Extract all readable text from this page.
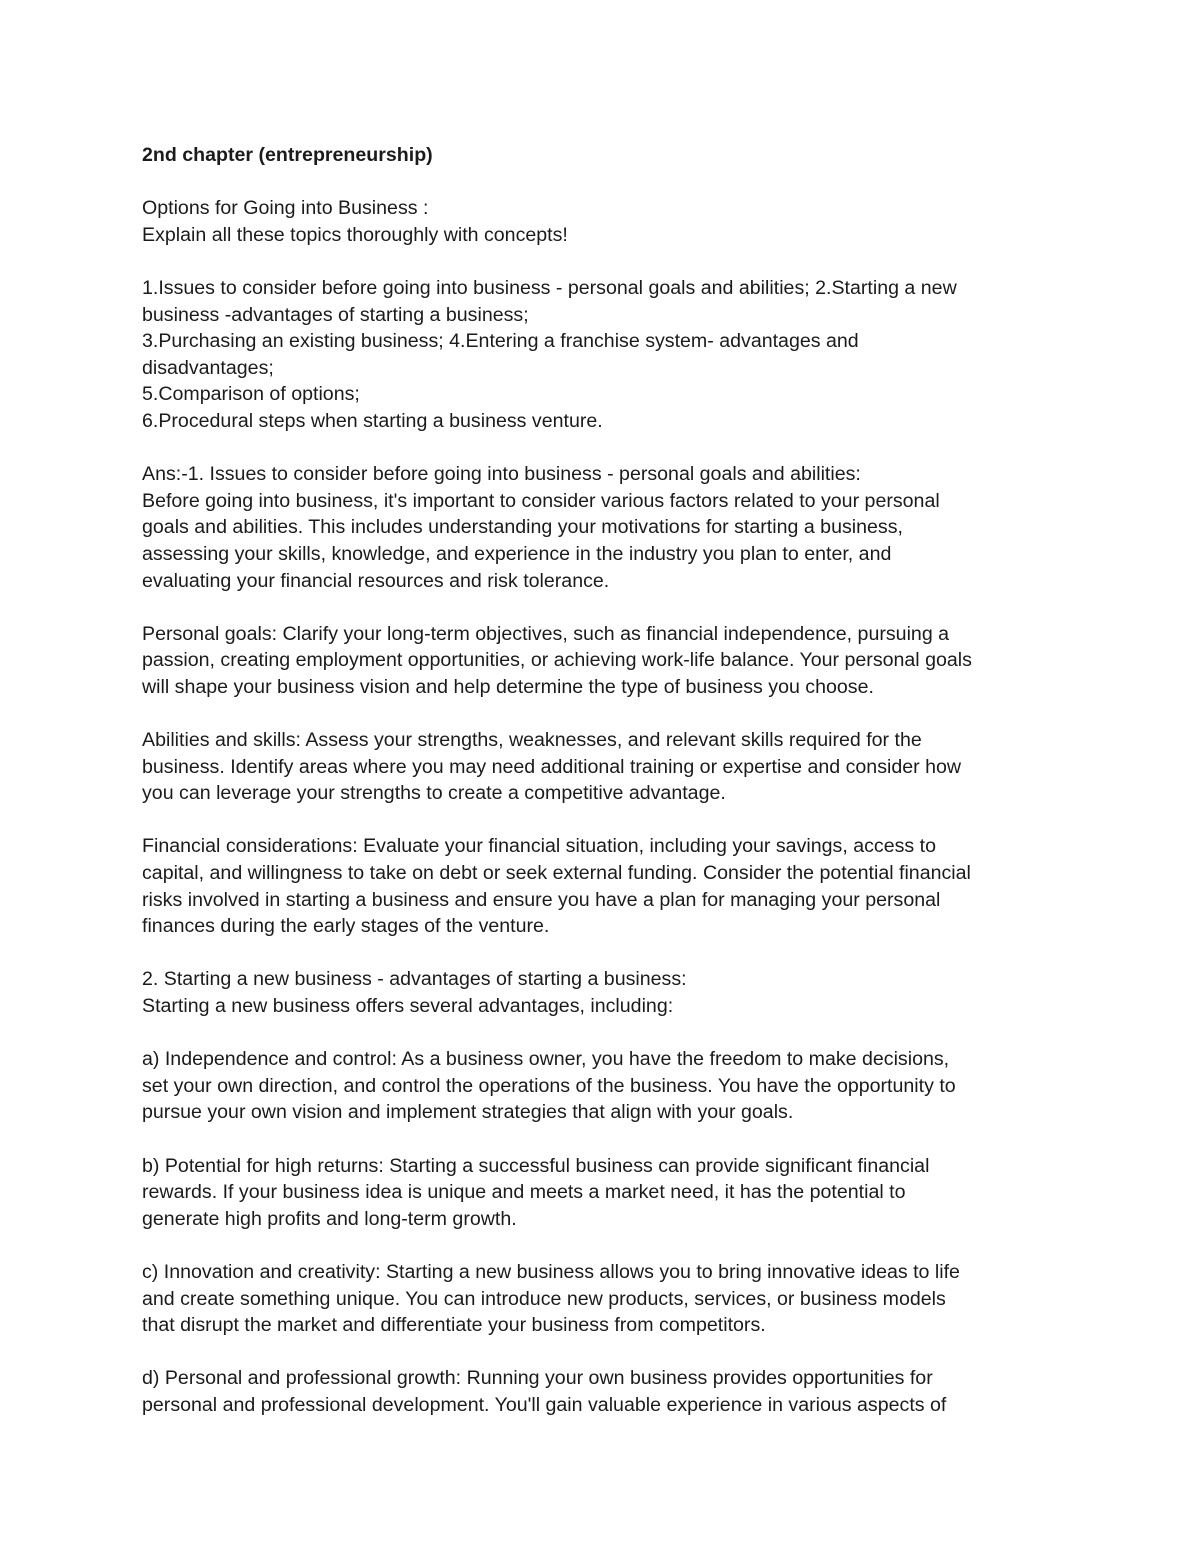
2nd chapter (entrepreneurship)
Options for Going into Business :
Explain all these topics thoroughly with concepts!
1.Issues to consider before going into business - personal goals and abilities; 2.Starting a new
business -advantages of starting a business;
3.Purchasing an existing business; 4.Entering a franchise system- advantages and
disadvantages;
5.Comparison of options;
6.Procedural steps when starting a business venture.
Ans:-1. Issues to consider before going into business - personal goals and abilities:
Before going into business, it's important to consider various factors related to your personal
goals and abilities. This includes understanding your motivations for starting a business,
assessing your skills, knowledge, and experience in the industry you plan to enter, and
evaluating your financial resources and risk tolerance.
Personal goals: Clarify your long-term objectives, such as financial independence, pursuing a
passion, creating employment opportunities, or achieving work-life balance. Your personal goals
will shape your business vision and help determine the type of business you choose.
Abilities and skills: Assess your strengths, weaknesses, and relevant skills required for the
business. Identify areas where you may need additional training or expertise and consider how
you can leverage your strengths to create a competitive advantage.
Financial considerations: Evaluate your financial situation, including your savings, access to
capital, and willingness to take on debt or seek external funding. Consider the potential financial
risks involved in starting a business and ensure you have a plan for managing your personal
finances during the early stages of the venture.
2. Starting a new business - advantages of starting a business:
Starting a new business offers several advantages, including:
a) Independence and control: As a business owner, you have the freedom to make decisions,
set your own direction, and control the operations of the business. You have the opportunity to
pursue your own vision and implement strategies that align with your goals.
b) Potential for high returns: Starting a successful business can provide significant financial
rewards. If your business idea is unique and meets a market need, it has the potential to
generate high profits and long-term growth.
c) Innovation and creativity: Starting a new business allows you to bring innovative ideas to life
and create something unique. You can introduce new products, services, or business models
that disrupt the market and differentiate your business from competitors.
d) Personal and professional growth: Running your own business provides opportunities for
personal and professional development. You'll gain valuable experience in various aspects of
